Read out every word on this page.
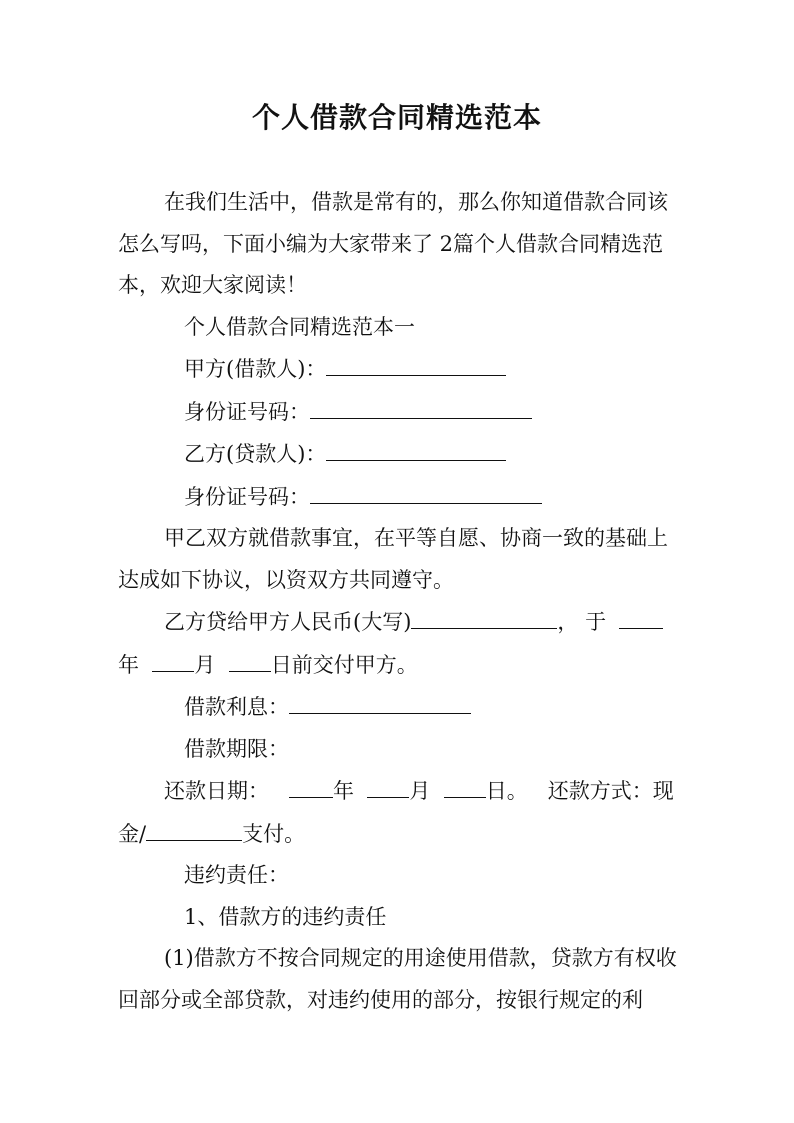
个人借款合同精选范本

在我们生活中，借款是常有的，那么你知道借款合同该怎么写吗，下面小编为大家带来了 2篇个人借款合同精选范本，欢迎大家阅读！

个人借款合同精选范本一

甲方(借款人)：

身份证号码：

乙方(贷款人)：

身份证号码：

甲乙双方就借款事宜，在平等自愿、协商一致的基础上达成如下协议，以资双方共同遵守。

乙方贷给甲方人民币(大写)	， 于  年	月	日前交付甲方。

借款利息：

借款期限：

还款日期：	年	月	日。 还款方式：现金/	支付。

违约责任：

1、借款方的违约责任

(1)借款方不按合同规定的用途使用借款，贷款方有权收回部分或全部贷款，对违约使用的部分，按银行规定的利
